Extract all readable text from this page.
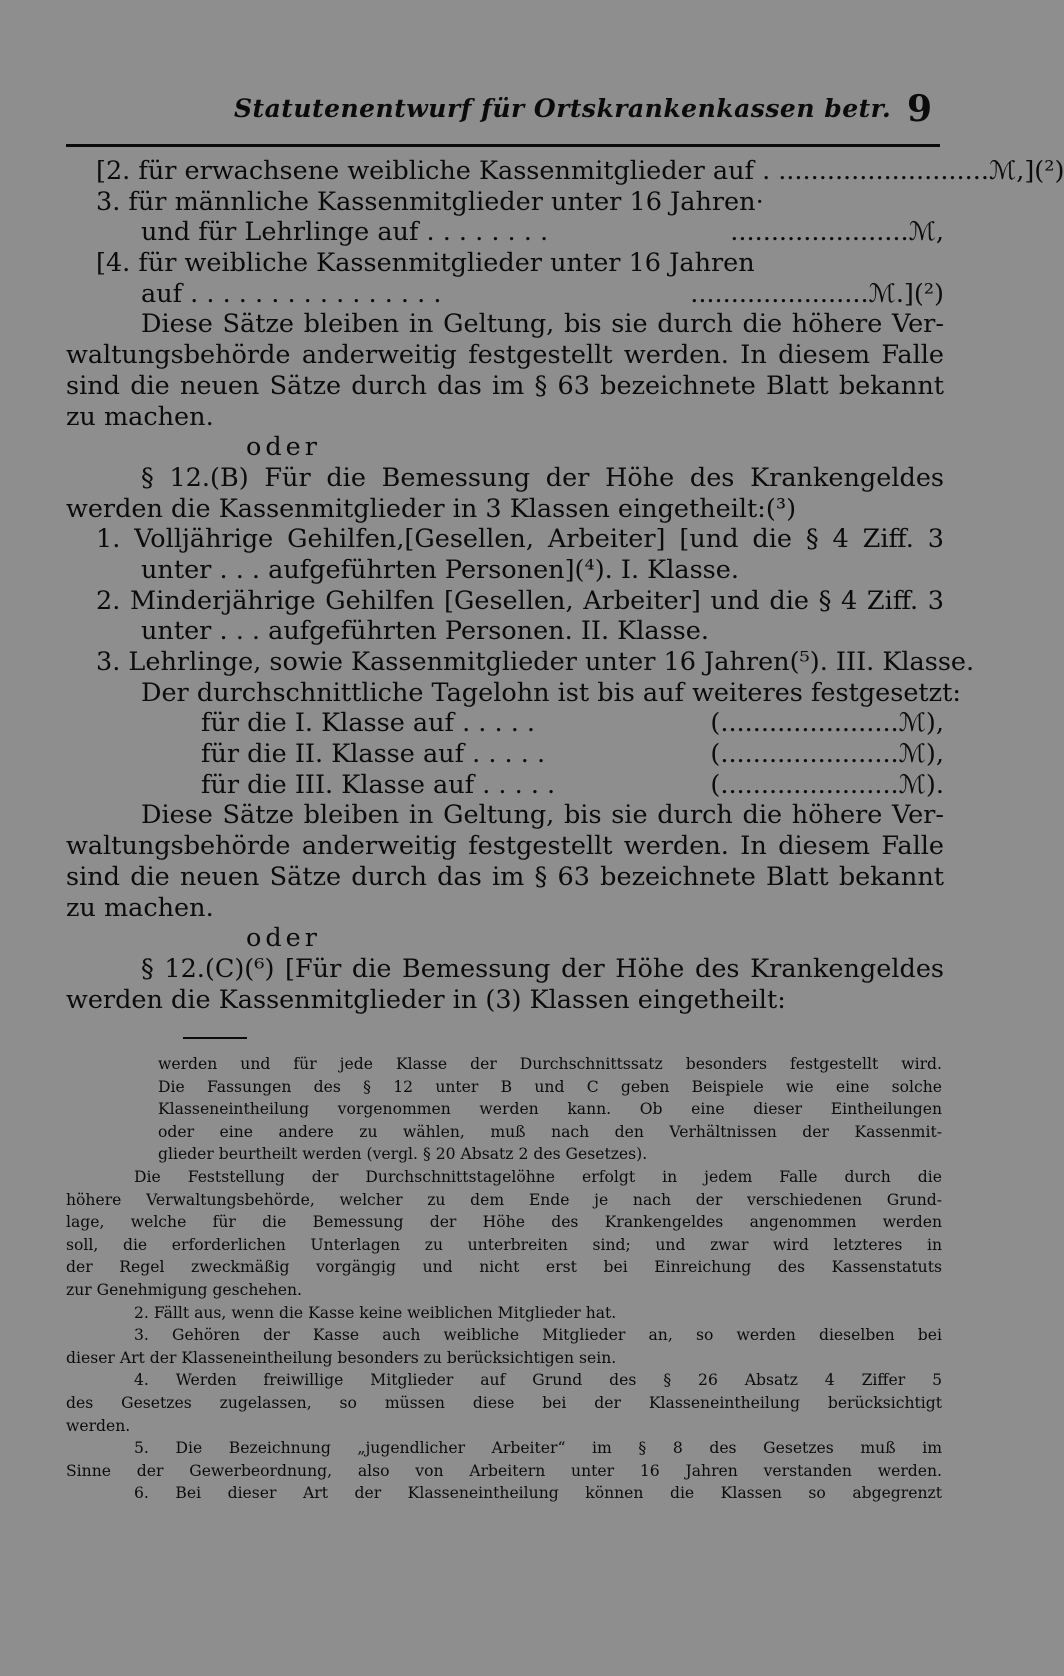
Statutenentwurf für Ortskrankenkassen betr. 9
[2. für erwachsene weibliche Kassenmitglieder auf . ..........................ℳ,](²)
3. für männliche Kassenmitglieder unter 16 Jahren·
und für Lehrlinge auf . . . . . . . .	......................ℳ,
[4. für weibliche Kassenmitglieder unter 16 Jahren
auf . . . . . . . . . . . . . . . .	......................ℳ.](²)
Diese Sätze bleiben in Geltung, bis sie durch die höhere Ver-
waltungsbehörde anderweitig festgestellt werden. In diesem Falle
sind die neuen Sätze durch das im § 63 bezeichnete Blatt bekannt
zu machen.
oder
§ 12.(B) Für die Bemessung der Höhe des Krankengeldes
werden die Kassenmitglieder in 3 Klassen eingetheilt:(³)
1. Volljährige Gehilfen,[Gesellen, Arbeiter] [und die § 4 Ziff. 3
unter . . . aufgeführten Personen](⁴). I. Klasse.
2. Minderjährige Gehilfen [Gesellen, Arbeiter] und die § 4 Ziff. 3
unter . . . aufgeführten Personen. II. Klasse.
3. Lehrlinge, sowie Kassenmitglieder unter 16 Jahren(⁵). III. Klasse.
Der durchschnittliche Tagelohn ist bis auf weiteres festgesetzt:
für die I. Klasse auf . . . . .	(......................ℳ),
für die II. Klasse auf . . . . .	(......................ℳ),
für die III. Klasse auf . . . . .	(......................ℳ).
Diese Sätze bleiben in Geltung, bis sie durch die höhere Ver-
waltungsbehörde anderweitig festgestellt werden. In diesem Falle
sind die neuen Sätze durch das im § 63 bezeichnete Blatt bekannt
zu machen.
oder
§ 12.(C)(⁶) [Für die Bemessung der Höhe des Krankengeldes
werden die Kassenmitglieder in (3) Klassen eingetheilt:
werden und für jede Klasse der Durchschnittssatz besonders festgestellt wird.
Die Fassungen des § 12 unter B und C geben Beispiele wie eine solche
Klasseneintheilung vorgenommen werden kann. Ob eine dieser Eintheilungen
oder eine andere zu wählen, muß nach den Verhältnissen der Kassenmit-
glieder beurtheilt werden (vergl. § 20 Absatz 2 des Gesetzes).
Die Feststellung der Durchschnittstagelöhne erfolgt in jedem Falle durch die
höhere Verwaltungsbehörde, welcher zu dem Ende je nach der verschiedenen Grund-
lage, welche für die Bemessung der Höhe des Krankengeldes angenommen werden
soll, die erforderlichen Unterlagen zu unterbreiten sind; und zwar wird letzteres in
der Regel zweckmäßig vorgängig und nicht erst bei Einreichung des Kassenstatuts
zur Genehmigung geschehen.
2. Fällt aus, wenn die Kasse keine weiblichen Mitglieder hat.
3. Gehören der Kasse auch weibliche Mitglieder an, so werden dieselben bei
dieser Art der Klasseneintheilung besonders zu berücksichtigen sein.
4. Werden freiwillige Mitglieder auf Grund des § 26 Absatz 4 Ziffer 5
des Gesetzes zugelassen, so müssen diese bei der Klasseneintheilung berücksichtigt
werden.
5. Die Bezeichnung „jugendlicher Arbeiter“ im § 8 des Gesetzes muß im
Sinne der Gewerbeordnung, also von Arbeitern unter 16 Jahren verstanden werden.
6. Bei dieser Art der Klasseneintheilung können die Klassen so abgegrenzt
